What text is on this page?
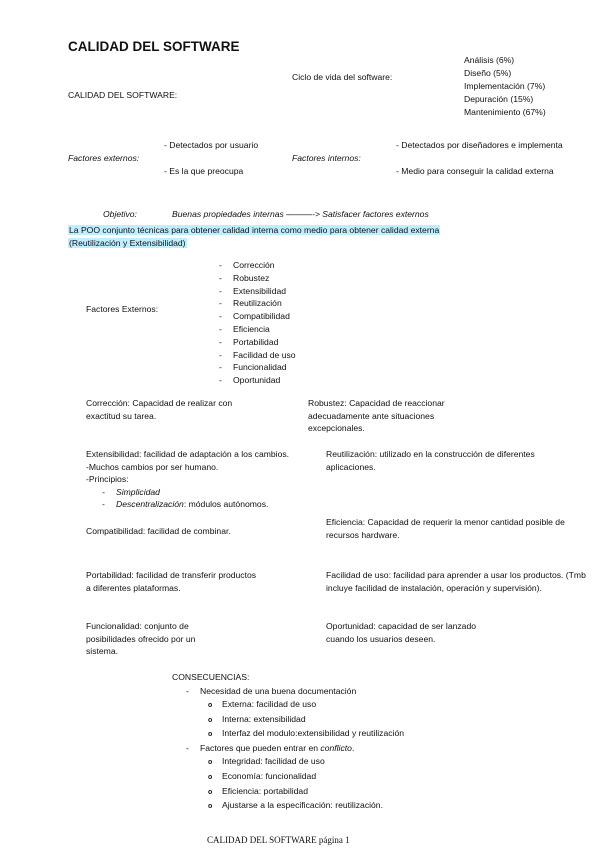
CALIDAD DEL SOFTWARE
CALIDAD DEL SOFTWARE:
Ciclo de vida del software:
Análisis (6%)
Diseño (5%)
Implementación (7%)
Depuración (15%)
Mantenimiento (67%)
- Detectados por usuario
Factores externos:
- Es la que preocupa
- Detectados por diseñadores e implementa
Factores internos:
- Medio para conseguir la calidad externa
Objetivo:	Buenas propiedades internas ———-> Satisfacer factores externos
La POO conjunto técnicas para obtener calidad interna como medio para obtener calidad externa
(Reutilización y Extensibilidad)
Factores Externos:
- Corrección
- Robustez
- Extensibilidad
- Reutilización
- Compatibilidad
- Eficiencia
- Portabilidad
- Facilidad de uso
- Funcionalidad
- Oportunidad
Corrección: Capacidad de realizar con exactitud su tarea.
Robustez: Capacidad de reaccionar adecuadamente ante situaciones excepcionales.
Extensibilidad: facilidad de adaptación a los cambios.
-Muchos cambios por ser humano.
-Principios:
- Simplicidad
- Descentralización: módulos autónomos.
Reutilización: utilizado en la construcción de diferentes aplicaciones.
Compatibilidad: facilidad de combinar.
Eficiencia: Capacidad de requerir la menor cantidad posible de recursos hardware.
Portabilidad: facilidad de transferir productos a diferentes plataformas.
Facilidad de uso: facilidad para aprender a usar los productos. (Tmb incluye facilidad de instalación, operación y supervisión).
Funcionalidad: conjunto de posibilidades ofrecido por un sistema.
Oportunidad: capacidad de ser lanzado cuando los usuarios deseen.
CONSECUENCIAS:
- Necesidad de una buena documentación
o Externa: facilidad de uso
o Interna: extensibilidad
o Interfaz del modulo:extensibilidad y reutilización
- Factores que pueden entrar en conflicto.
o Integridad: facilidad de uso
o Economía: funcionalidad
o Eficiencia: portabilidad
o Ajustarse a la especificación: reutilización.
CALIDAD DEL SOFTWARE página 1
